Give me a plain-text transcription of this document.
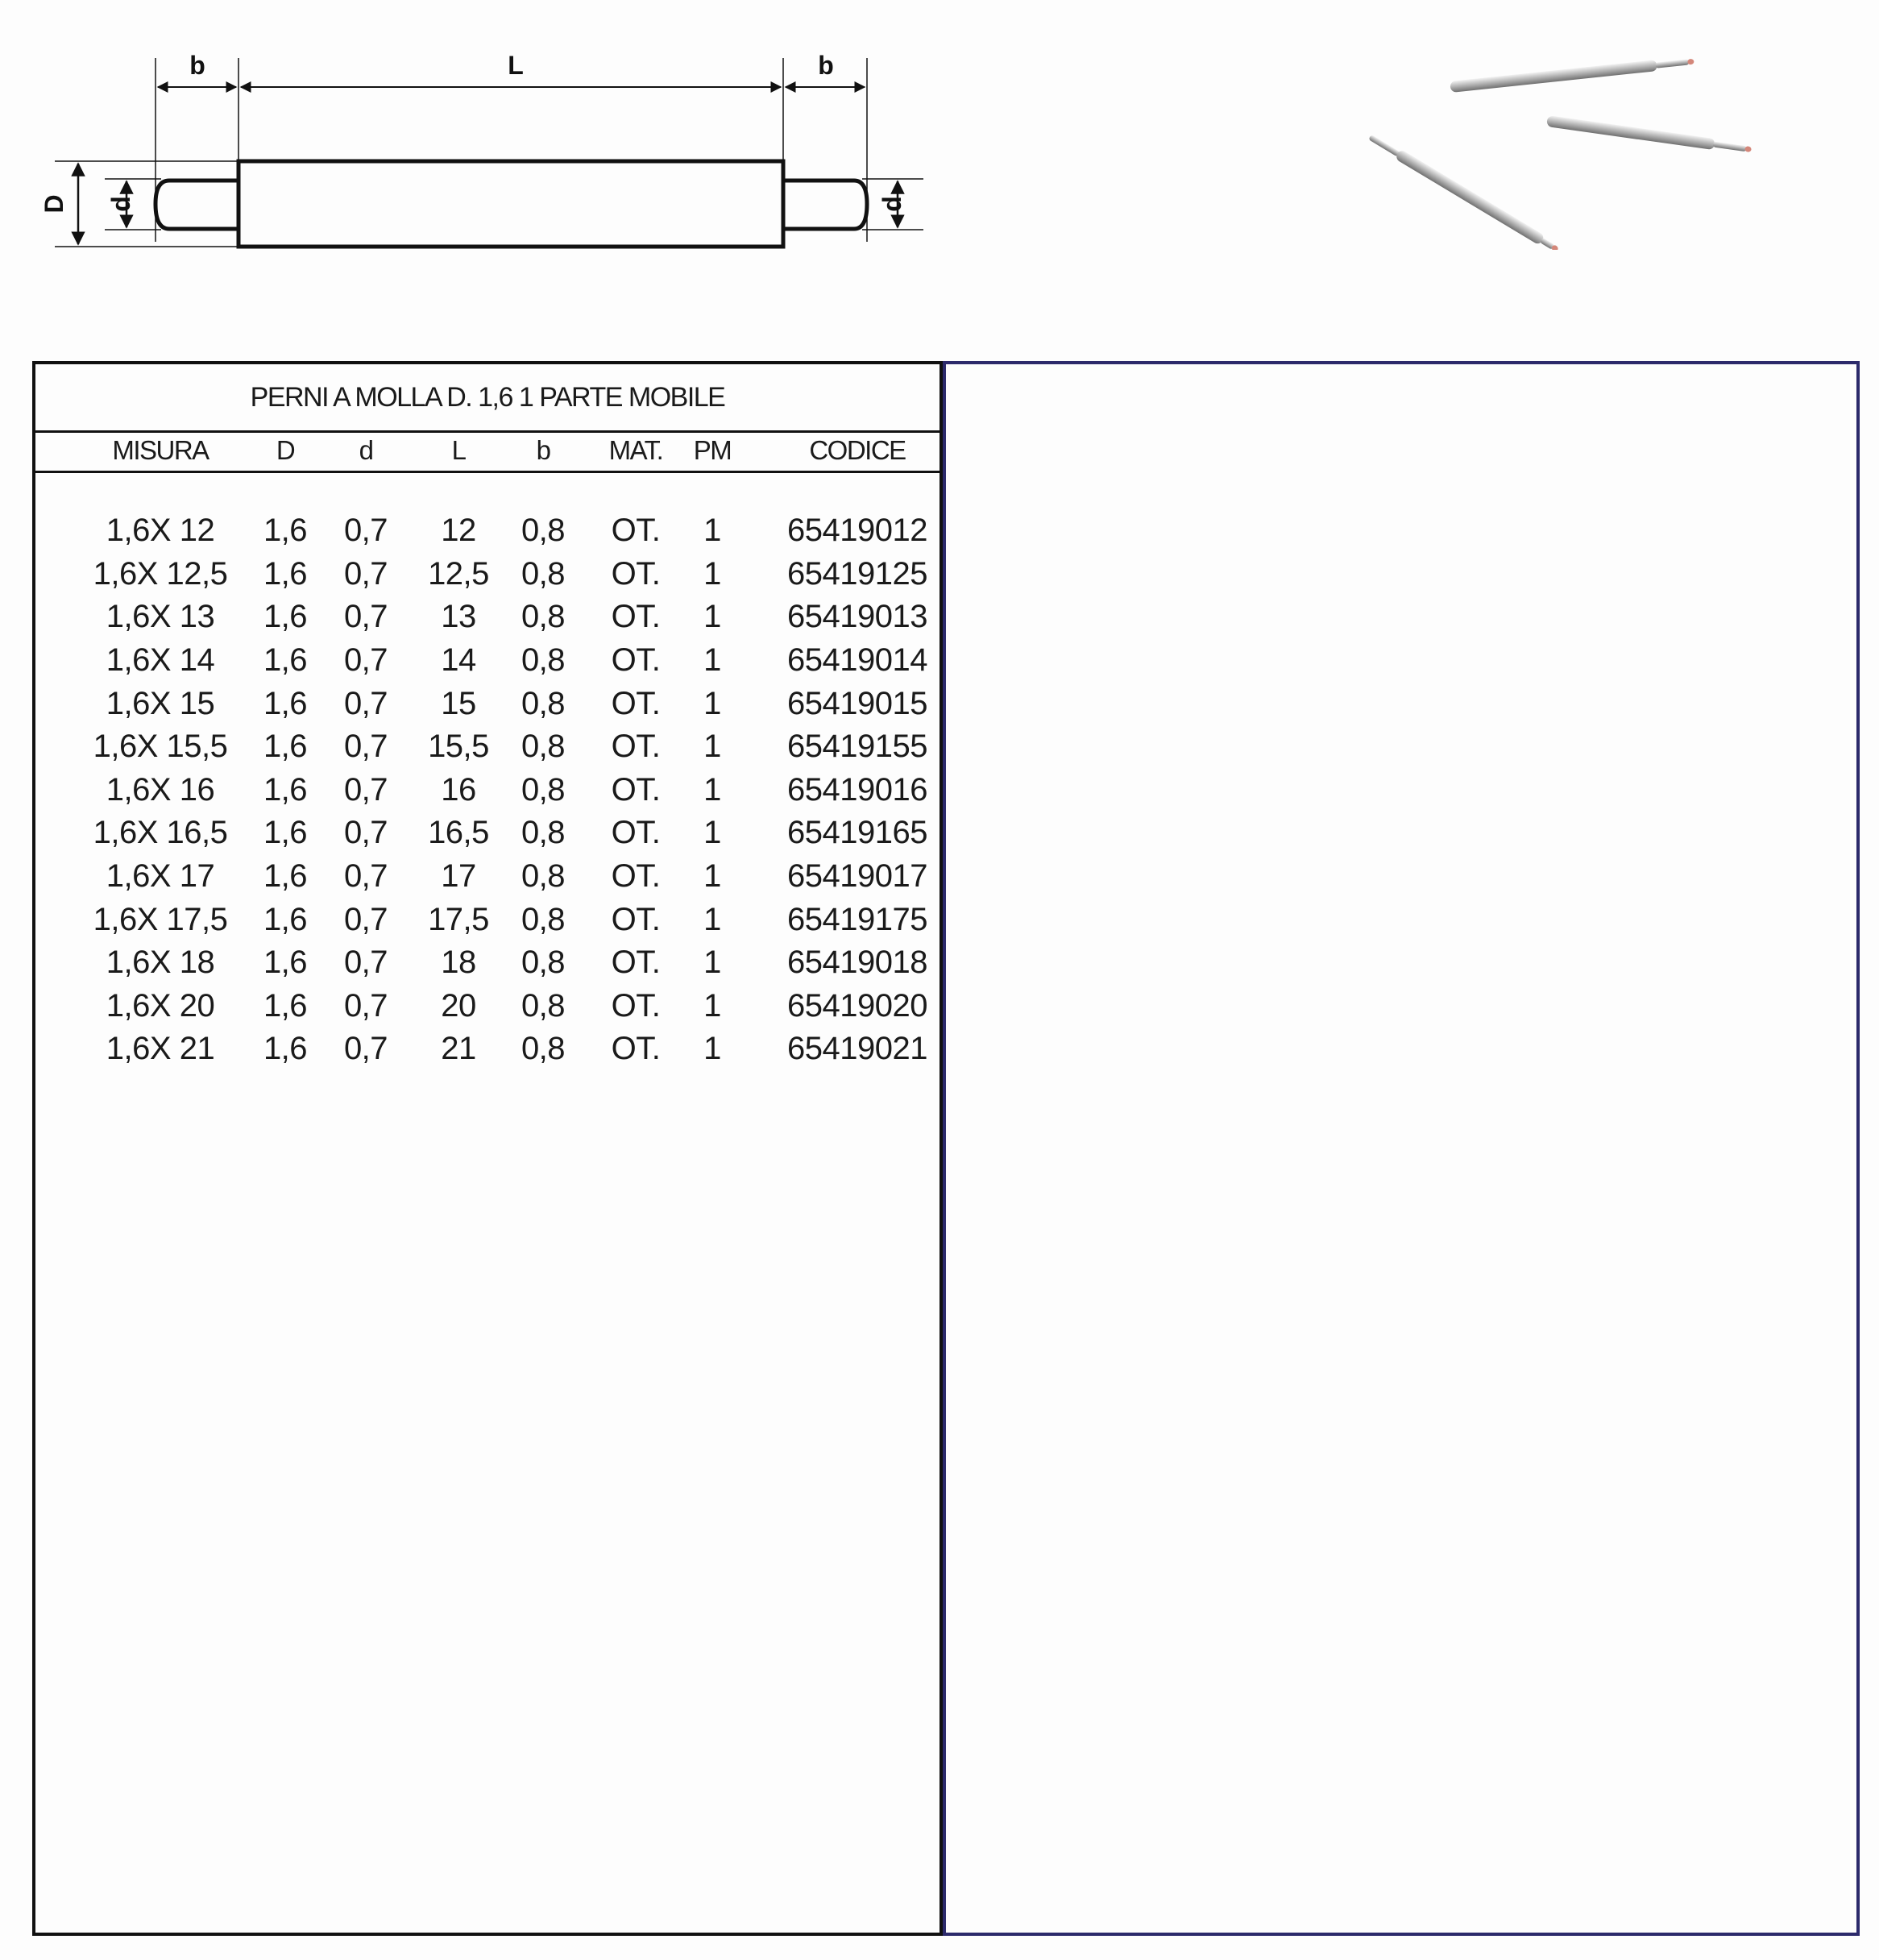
b	L	b
D d	d
PERNI A MOLLA D. 1,6 1 PARTE MOBILE
MISURA	D	d	L	b	MAT.	PM	CODICE
1,6X 12	1,6	0,7	12	0,8	OT.	1	65419012
1,6X 12,5	1,6	0,7	12,5	0,8	OT.	1	65419125
1,6X 13	1,6	0,7	13	0,8	OT.	1	65419013
1,6X 14	1,6	0,7	14	0,8	OT.	1	65419014
1,6X 15	1,6	0,7	15	0,8	OT.	1	65419015
1,6X 15,5	1,6	0,7	15,5	0,8	OT.	1	65419155
1,6X 16	1,6	0,7	16	0,8	OT.	1	65419016
1,6X 16,5	1,6	0,7	16,5	0,8	OT.	1	65419165
1,6X 17	1,6	0,7	17	0,8	OT.	1	65419017
1,6X 17,5	1,6	0,7	17,5	0,8	OT.	1	65419175
1,6X 18	1,6	0,7	18	0,8	OT.	1	65419018
1,6X 20	1,6	0,7	20	0,8	OT.	1	65419020
1,6X 21	1,6	0,7	21	0,8	OT.	1	65419021
